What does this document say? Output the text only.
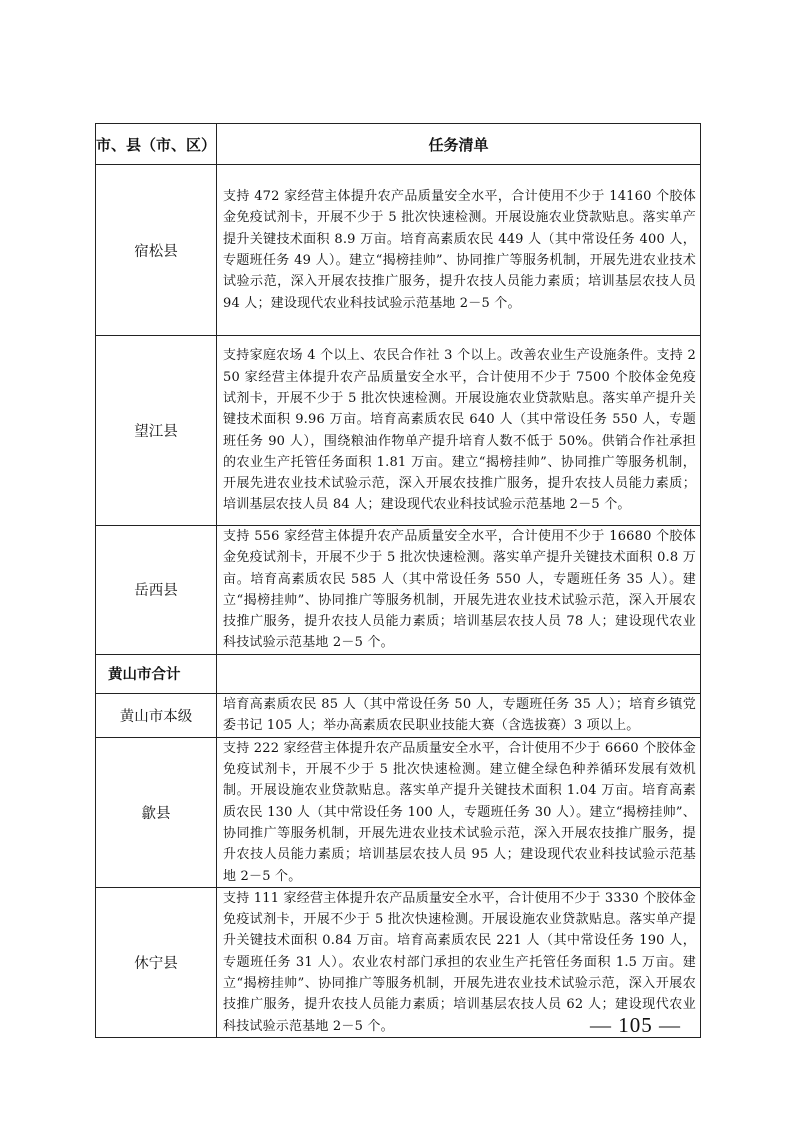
市、县（市、区）	任务清单
宿松县	支持 472 家经营主体提升农产品质量安全水平，合计使用不少于 14160 个胶体金免疫试剂卡，开展不少于 5 批次快速检测。开展设施农业贷款贴息。落实单产提升关键技术面积 8.9 万亩。培育高素质农民 449 人（其中常设任务 400 人，专题班任务 49 人）。建立“揭榜挂帅”、协同推广等服务机制，开展先进农业技术试验示范，深入开展农技推广服务，提升农技人员能力素质；培训基层农技人员 94 人；建设现代农业科技试验示范基地 2－5 个。
望江县	支持家庭农场 4 个以上、农民合作社 3 个以上。改善农业生产设施条件。支持 250 家经营主体提升农产品质量安全水平，合计使用不少于 7500 个胶体金免疫试剂卡，开展不少于 5 批次快速检测。开展设施农业贷款贴息。落实单产提升关键技术面积 9.96 万亩。培育高素质农民 640 人（其中常设任务 550 人，专题班任务 90 人），围绕粮油作物单产提升培育人数不低于 50%。供销合作社承担的农业生产托管任务面积 1.81 万亩。建立“揭榜挂帅”、协同推广等服务机制，开展先进农业技术试验示范，深入开展农技推广服务，提升农技人员能力素质；培训基层农技人员 84 人；建设现代农业科技试验示范基地 2－5 个。
岳西县	支持 556 家经营主体提升农产品质量安全水平，合计使用不少于 16680 个胶体金免疫试剂卡，开展不少于 5 批次快速检测。落实单产提升关键技术面积 0.8 万亩。培育高素质农民 585 人（其中常设任务 550 人，专题班任务 35 人）。建立“揭榜挂帅”、协同推广等服务机制，开展先进农业技术试验示范，深入开展农技推广服务，提升农技人员能力素质；培训基层农技人员 78 人；建设现代农业科技试验示范基地 2－5 个。
黄山市合计	
黄山市本级	培育高素质农民 85 人（其中常设任务 50 人，专题班任务 35 人）；培育乡镇党委书记 105 人；举办高素质农民职业技能大赛（含选拔赛）3 项以上。
歙县	支持 222 家经营主体提升农产品质量安全水平，合计使用不少于 6660 个胶体金免疫试剂卡，开展不少于 5 批次快速检测。建立健全绿色种养循环发展有效机制。开展设施农业贷款贴息。落实单产提升关键技术面积 1.04 万亩。培育高素质农民 130 人（其中常设任务 100 人，专题班任务 30 人）。建立“揭榜挂帅”、协同推广等服务机制，开展先进农业技术试验示范，深入开展农技推广服务，提升农技人员能力素质；培训基层农技人员 95 人；建设现代农业科技试验示范基地 2－5 个。
休宁县	支持 111 家经营主体提升农产品质量安全水平，合计使用不少于 3330 个胶体金免疫试剂卡，开展不少于 5 批次快速检测。开展设施农业贷款贴息。落实单产提升关键技术面积 0.84 万亩。培育高素质农民 221 人（其中常设任务 190 人，专题班任务 31 人）。农业农村部门承担的农业生产托管任务面积 1.5 万亩。建立“揭榜挂帅”、协同推广等服务机制，开展先进农业技术试验示范，深入开展农技推广服务，提升农技人员能力素质；培训基层农技人员 62 人；建设现代农业科技试验示范基地 2－5 个。	— 105 —
